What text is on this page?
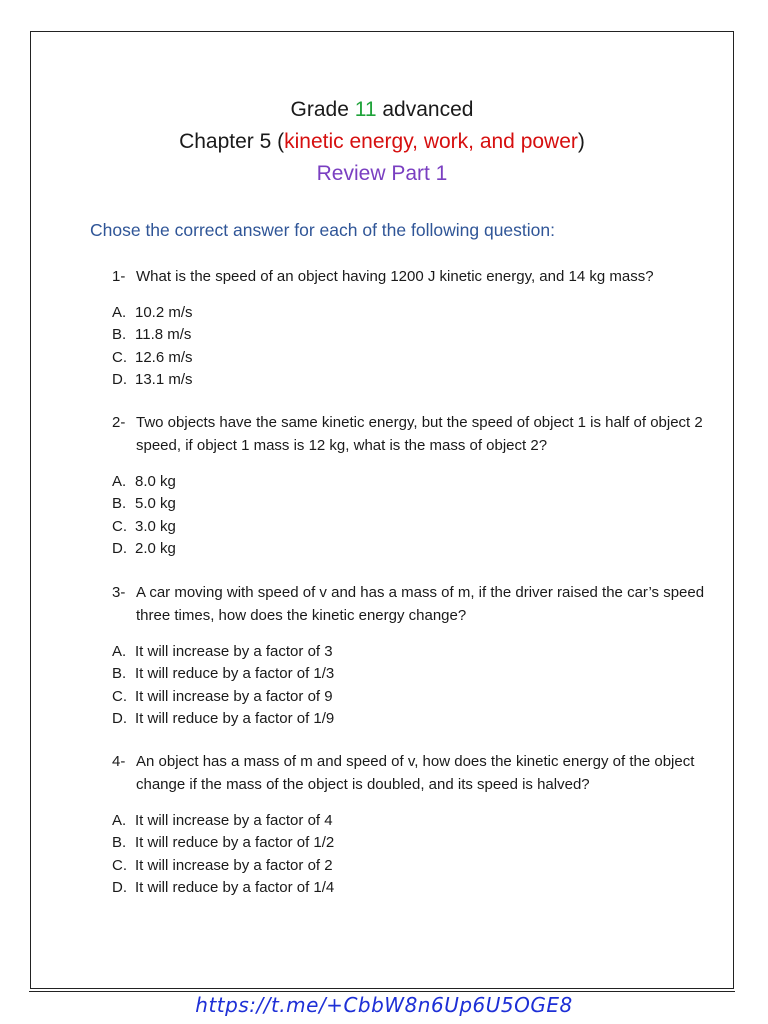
Grade 11 advanced
Chapter 5 (kinetic energy, work, and power)
Review Part 1
Chose the correct answer for each of the following question:
1- What is the speed of an object having 1200 J kinetic energy, and 14 kg mass?
A. 10.2 m/s
B. 11.8 m/s
C. 12.6 m/s
D. 13.1 m/s
2- Two objects have the same kinetic energy, but the speed of object 1 is half of object 2 speed, if object 1 mass is 12 kg, what is the mass of object 2?
A. 8.0 kg
B. 5.0 kg
C. 3.0 kg
D. 2.0 kg
3- A car moving with speed of v and has a mass of m, if the driver raised the car’s speed three times, how does the kinetic energy change?
A. It will increase by a factor of 3
B. It will reduce by a factor of 1/3
C. It will increase by a factor of 9
D. It will reduce by a factor of 1/9
4- An object has a mass of m and speed of v, how does the kinetic energy of the object change if the mass of the object is doubled, and its speed is halved?
A. It will increase by a factor of 4
B. It will reduce by a factor of 1/2
C. It will increase by a factor of 2
D. It will reduce by a factor of 1/4
https://t.me/+CbbW8n6Up6U5OGE8
